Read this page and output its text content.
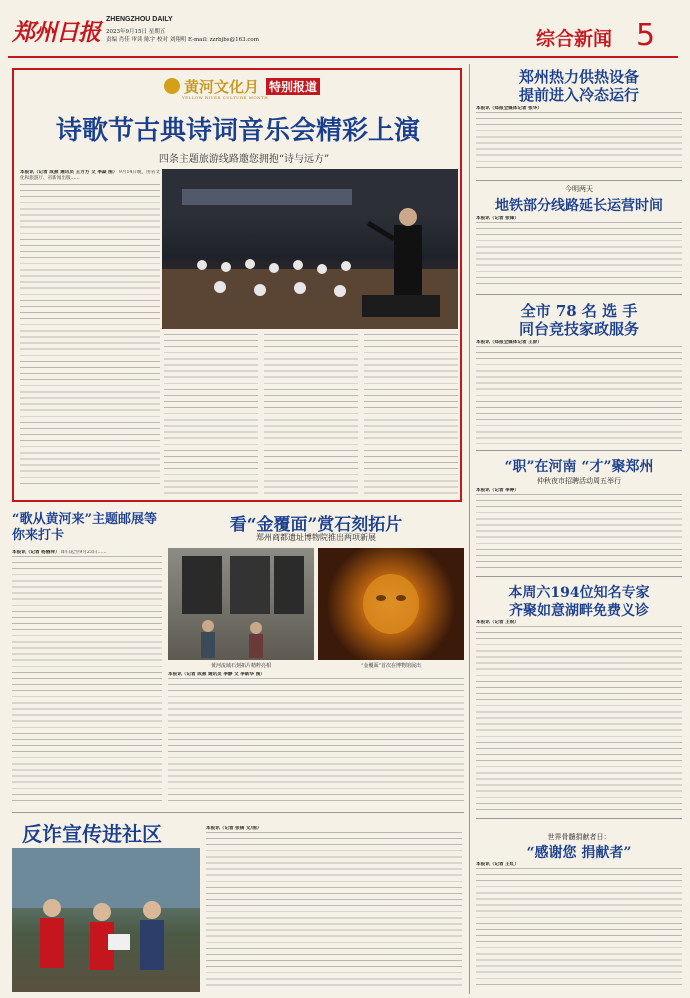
郑州日报 ZHENGZHOU DAILY
2023年9月15日 星期五
责编 肖佳 审读 陈宇 校对 刘翔明 E-mail: zzrbjbs@163.com	综合新闻 5
黄河文化月 特别报道
YELLOW RIVER CULTURE MONTH
诗歌节古典诗词音乐会精彩上演
四条主题旅游线路邀您拥抱“诗与远方”
本报讯（记者 成燕 通讯员 王方方 文 李焱 图） 9月14日晚，由省文化和旅游厅、省新闻出版……
郑州热力供热设备
提前进入冷态运行
本报讯（郑报全媒体记者 张华）
今明两天
地铁部分线路延长运营时间
本报讯（记者 张锋）
全市 78 名 选 手
同台竞技家政服务
本报讯（郑报全媒体记者 王辞）
“职”在河南 “才”聚郑州
仲秋夜市招聘活动周五举行
本报讯（记者 李婷）
本周六194位知名专家
齐聚如意湖畔免费义诊
本报讯（记者 王锐）
世界骨髓捐献者日：
“感谢您 捐献者”
本报讯（记者 王红）
“歌从黄河来”主题邮展等你来打卡
本报讯（记者 杨丽萍） 即日起至9月23日……
看“金覆面”赏石刻拓片
郑州商都遗址博物院推出两项新展
黄河流域石刻拓片精粹亮相	“金覆面”首次在博物馆展出
本报讯（记者 成燕 通讯员 李静 文 李新华 图）
反诈宣传进社区	本报讯（记者 张倩 文/图）
